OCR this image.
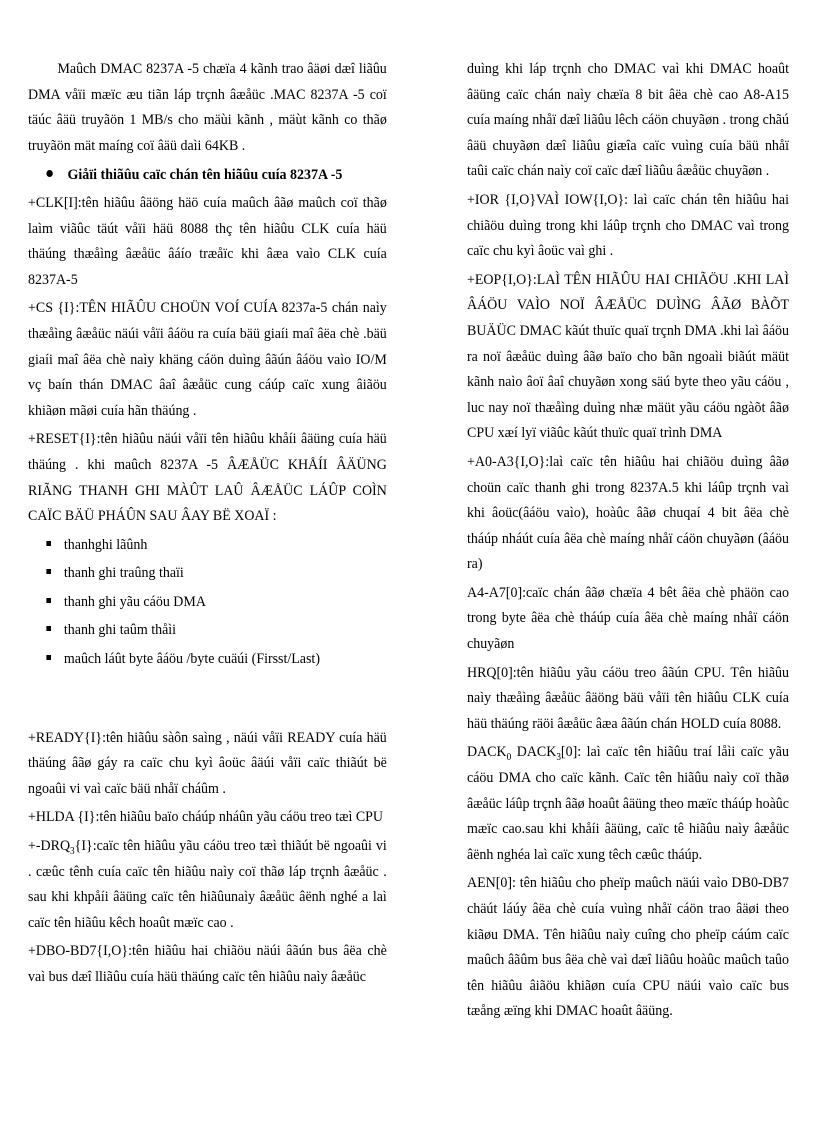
Maûch DMAC 8237A -5 chæïa 4 kãnh trao âäøi dæî liãûu DMA våïi mæïc æu tiãn láp trçnh âæåüc .MAC 8237A -5 coï täúc âäü truyãön 1 MB/s cho mäùi kãnh , mäùt kãnh co thãø truyãön mät maíng coï âäü daìi 64KB .

Giåïi thiãûu caïc chán tên hiãûu cuía 8237A -5

+CLK[I]:tên hiãûu âäöng häö cuía maûch âãø maûch coï thãø laìm viãûc täút våïi häü 8088 thç tên hiãûu CLK cuía häü thäúng thæåìng âæåüc âáío træåïc khi âæa vaìo CLK cuía 8237A-5

+CS {I}:TÊN HIÃÛU CHOÜN VOÍ CUÍA 8237a-5 chán naìy thæåìng âæåüc näúi våïi âáöu ra cuía bäü giaíi maî âëa chè .bäü giaíi maî âëa chè naìy khäng cáön duìng âãún âáöu vaìo IO/M vç baín thán DMAC âaî âæåüc cung cáúp caïc xung âiãöu khiãøn mãøi cuía hãn thäúng .

+RESET{I}:tên hiãûu näúi våïi tên hiãûu khåíi âäüng cuía häü thäúng . khi maûch 8237A -5 ÂÆÅÜC KHÅÍI ÂÄÜNG RIÃNG THANH GHI MÀÛT LAÛ ÂÆÅÜC LÁÛP COÌN CAÏC BÄÜ PHÁÛN SAU ÂAY BË XOAÏ :

thanhghi lãûnh
thanh ghi traûng thaïi
thanh ghi yãu cáöu DMA
thanh ghi taûm thåìi
maûch láût byte âáöu /byte cuäúi (Firsst/Last)

+READY{I}:tên hiãûu sàôn saìng , näúi våïi READY cuía häü thäúng âãø gáy ra caïc chu kyì âoüc âäúi våïi caïc thiãút bë ngoaûi vi vaì caïc bäü nhåï cháûm .

+HLDA {I}:tên hiãûu baïo cháúp nháûn yãu cáöu treo tæì CPU

$+-DRQ_3\{I\}:caïc$ tên hiãûu yãu cáöu treo tæì thiãút bë ngoaûi vi . cæûc tênh cuía caïc tên hiãûu naìy coï thãø láp trçnh âæåüc . sau khi khpåíi âäüng caïc tên hiãûunaìy âæåüc âënh nghé a laì caïc tên hiãûu kêch hoaût mæïc cao .

+DBO-BD7{I,O}:tên hiãûu hai chiãöu näúi âãún bus âëa chè vaì bus dæî lliãûu cuía häü thäúng caïc tên hiãûu naìy âæåüc

duìng khi láp trçnh cho DMAC vaì khi DMAC hoaût âäüng caïc chán naìy chæïa 8 bit âëa chè cao A8-A15 cuía maíng nhåï dæî liãûu lêch cáön chuyãøn . trong chãú âäü chuyãøn dæî liãûu giæîa caïc vuìng cuía bäü nhåï taûi caïc chán naìy coï caïc dæî liãûu âæåüc chuyãøn .

+IOR {I,O}VAÌ IOW{I,O}: laì caïc chán tên hiãûu hai chiãöu duìng trong khi láûp trçnh cho DMAC vaì trong caïc chu kyì âoüc vaì ghi .

+EOP{I,O}:LAÌ TÊN HIÃÛU HAI CHIÃÖU .KHI LAÌ ÂÁÖU VAÌO NOÏ ÂÆÅÜC DUÌNG ÂÃØ BÀÕT BUÄÜC DMAC kãút thuïc quaï trçnh DMA .khi laì âáöu ra noï âæåüc duìng âãø baïo cho bãn ngoaìi biãút mäüt kãnh naìo âoï âaî chuyãøn xong säú byte theo yãu cáöu , luc nay noï thæåìng duìng nhæ mäüt yãu cáöu ngàõt âãø CPU xæí lyï viãûc kãút thuïc quaï trình DMA

+A0-A3{I,O}:laì caïc tên hiãûu hai chiãöu duìng âãø choün caïc thanh ghi trong 8237A.5 khi láûp trçnh vaì khi âoüc(âáöu vaìo), hoàûc âãø chuqaí 4 bit âëa chè tháúp nháút cuía âëa chè maíng nhåï cáön chuyãøn (âáöu ra)

A4-A7[0]:caïc chán âãø chæïa 4 bêt âëa chè phäön cao trong byte âëa chè tháúp cuía âëa chè maíng nhåï cáön chuyãøn

HRQ[0]:tên hiãûu yãu cáöu treo âãún CPU. Tên hiãûu naìy thæåìng âæåüc âäöng bäü våïi tên hiãûu CLK cuía häü thäúng räöi âæåüc âæa âãún chán HOLD cuía 8088.

$DACK_0$ $DACK_3[0]$: laì caïc tên hiãûu traí låìi caïc yãu cáöu DMA cho caïc kãnh. Caïc tên hiãûu naìy coï thãø âæåüc láûp trçnh âãø hoaût âäüng theo mæïc tháúp hoàûc mæïc cao.sau khi khåíi âäüng, caïc tê hiãûu naìy âæåüc âënh nghéa laì caïc xung têch cæûc tháúp.

AEN[0]: tên hiãûu cho pheïp maûch näúi vaìo DB0-DB7 chäút láúy âëa chè cuía vuìng nhåï cáön trao âäøi theo kiãøu DMA. Tên hiãûu naìy cuîng cho pheïp cáúm caïc maûch âãûm bus âëa chè vaì dæî liãûu hoàûc maûch taûo tên hiãûu âiãöu khiãøn cuía CPU näúi vaìo caïc bus tæång æïng khi DMAC hoaût âäüng.
